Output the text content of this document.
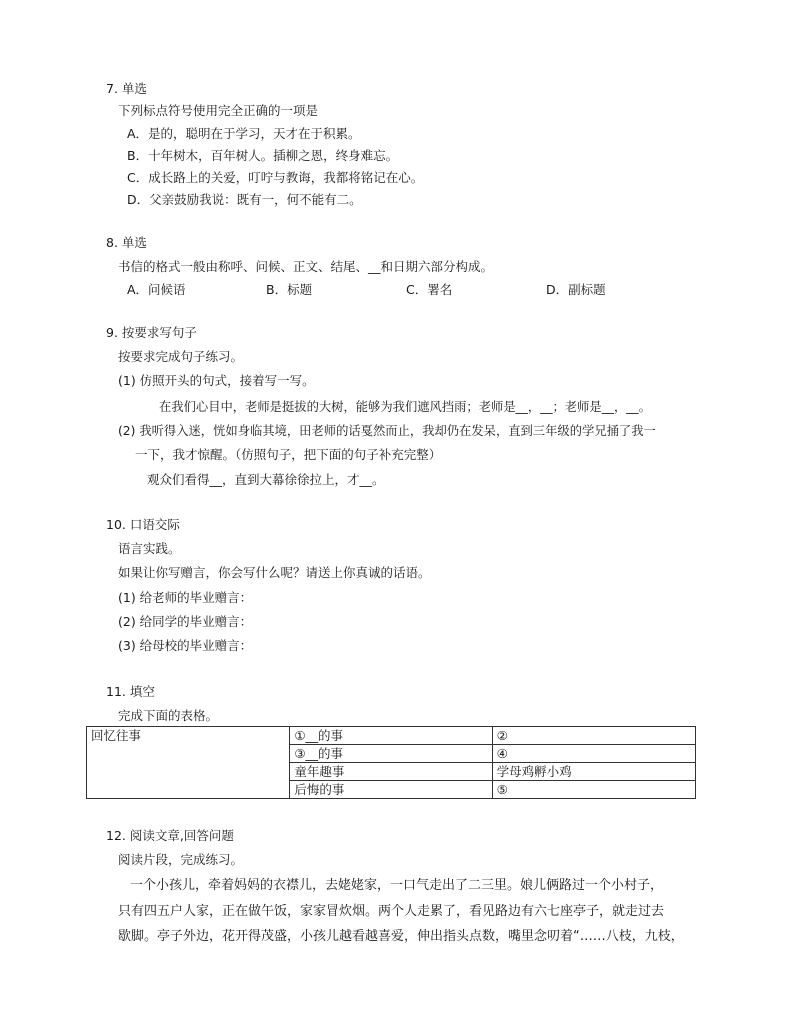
7. 单选
下列标点符号使用完全正确的一项是
A．是的，聪明在于学习，天才在于积累。
B．十年树木，百年树人。插柳之恩，终身难忘。
C．成长路上的关爱，叮咛与教诲，我都将铭记在心。
D．父亲鼓励我说：既有一，何不能有二。
8. 单选
书信的格式一般由称呼、问候、正文、结尾、__和日期六部分构成。
A．问候语	B．标题	C．署名	D．副标题
9. 按要求写句子
按要求完成句子练习。
(1) 仿照开头的句式，接着写一写。
在我们心目中，老师是挺拔的大树，能够为我们遮风挡雨；老师是__，__；老师是__，__。
(2) 我听得入迷，恍如身临其境，田老师的话戛然而止，我却仍在发呆，直到三年级的学兄捅了我一
一下，我才惊醒。（仿照句子，把下面的句子补充完整）
观众们看得__，直到大幕徐徐拉上，才__。
10. 口语交际
语言实践。
如果让你写赠言，你会写什么呢？请送上你真诚的话语。
(1) 给老师的毕业赠言：
(2) 给同学的毕业赠言：
(3) 给母校的毕业赠言：
11. 填空
完成下面的表格。
回忆往事	①__的事	②
	③__的事	④
	童年趣事	学母鸡孵小鸡
	后悔的事	⑤
12. 阅读文章,回答问题
阅读片段，完成练习。
一个小孩儿，牵着妈妈的衣襟儿，去姥姥家，一口气走出了二三里。娘儿俩路过一个小村子，
只有四五户人家，正在做午饭，家家冒炊烟。两个人走累了，看见路边有六七座亭子，就走过去
歇脚。亭子外边，花开得茂盛，小孩儿越看越喜爱，伸出指头点数，嘴里念叨着“……八枝，九枝，
